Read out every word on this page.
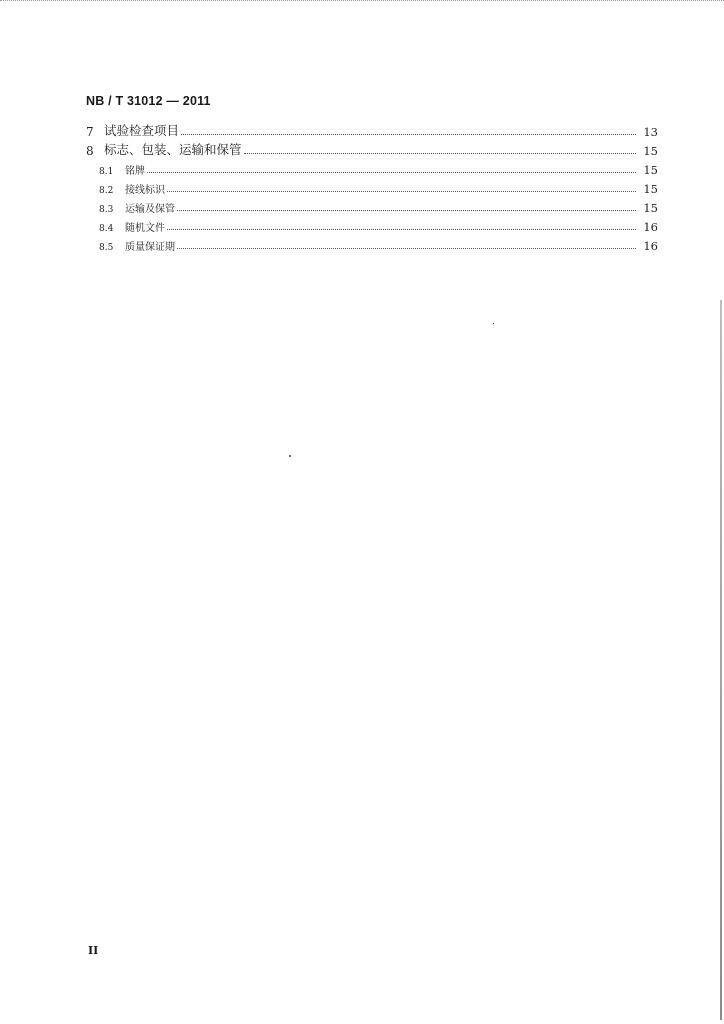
NB / T 31012 — 2011
7 试验检查项目	13
8 标志、包装、运输和保管	15
8.1	铭牌	15
8.2	接线标识	15
8.3	运输及保管	15
8.4	随机文件	16
8.5	质量保证期	16
II
